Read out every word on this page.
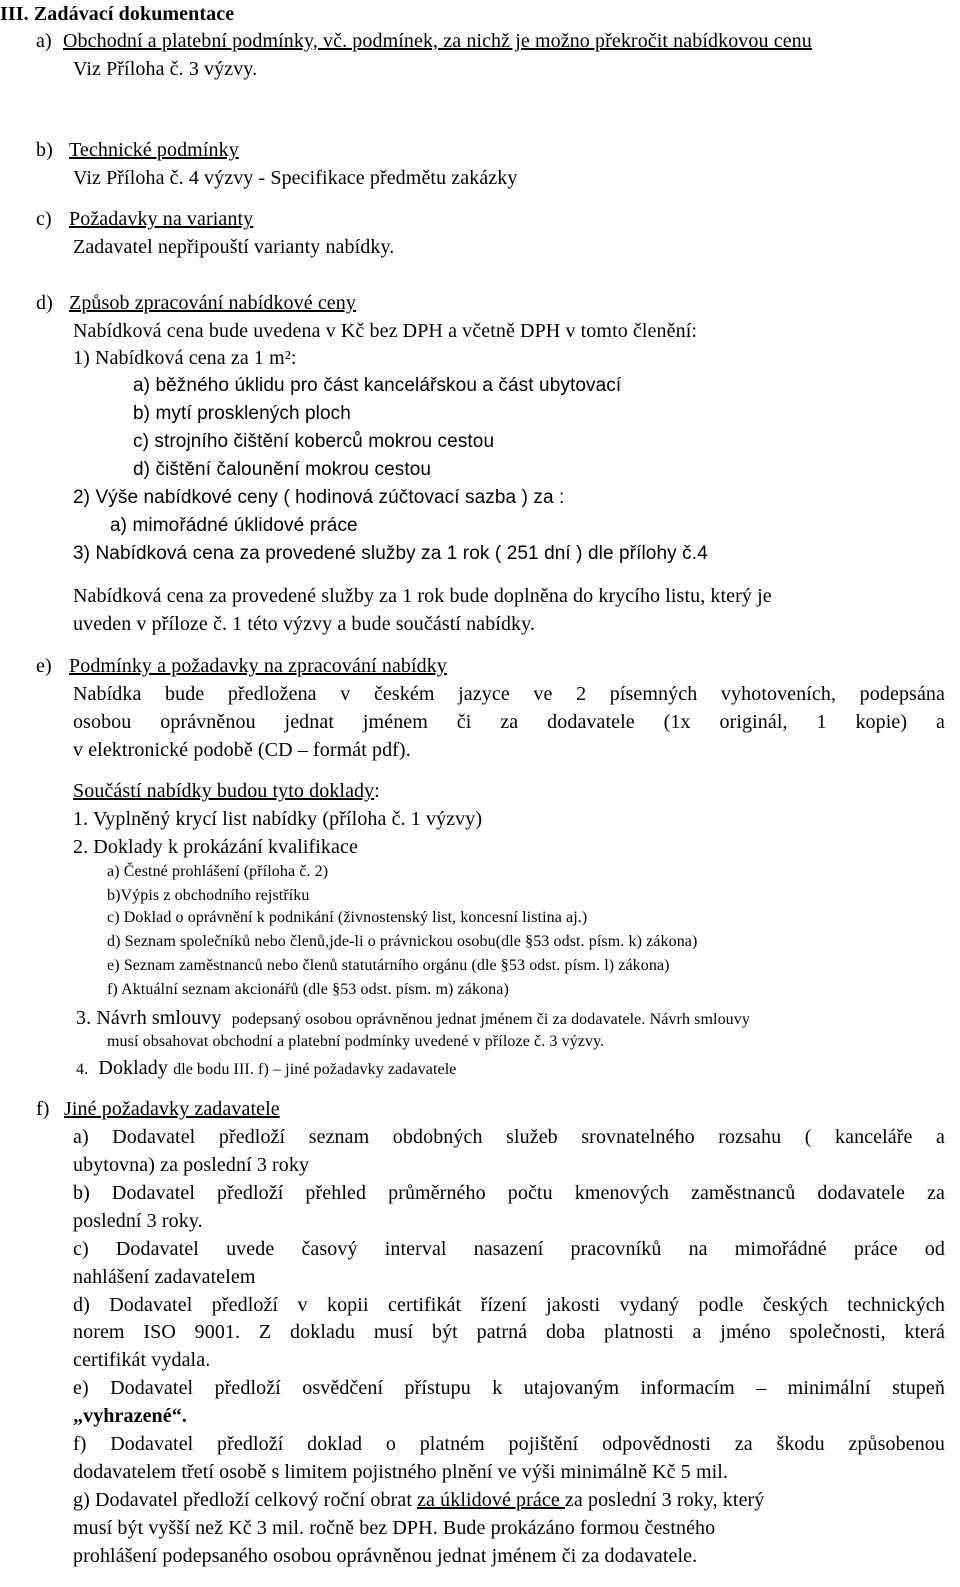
III. Zadávací dokumentace
a) Obchodní a platební podmínky, vč. podmínek, za nichž je možno překročit nabídkovou cenu
Viz Příloha č. 3 výzvy.
b) Technické podmínky
Viz Příloha č. 4 výzvy - Specifikace předmětu zakázky
c) Požadavky na varianty
Zadavatel nepřipouští varianty nabídky.
d) Způsob zpracování nabídkové ceny
Nabídková cena bude uvedena v Kč bez DPH a včetně DPH v tomto členění:
1) Nabídková cena za 1 m²:
a) běžného úklidu pro část kancelářskou a část ubytovací
b) mytí prosklených ploch
c) strojního čištění koberců mokrou cestou
d) čištění čalounění mokrou cestou
2) Výše nabídkové ceny ( hodinová zúčtovací sazba ) za :
a) mimořádné úklidové práce
3) Nabídková cena za provedené služby za 1 rok ( 251 dní ) dle přílohy č.4
Nabídková cena za provedené služby za 1 rok bude doplněna do krycího listu, který je
uveden v příloze č. 1 této výzvy a bude součástí nabídky.
e) Podmínky a požadavky na zpracování nabídky
Nabídka bude předložena v českém jazyce ve 2 písemných vyhotoveních, podepsána
osobou oprávněnou jednat jménem či za dodavatele (1x originál, 1 kopie) a
v elektronické podobě (CD – formát pdf).
Součástí nabídky budou tyto doklady:
1. Vyplněný krycí list nabídky (příloha č. 1 výzvy)
2. Doklady k prokázání kvalifikace
a) Čestné prohlášení (příloha č. 2)
b)Výpis z obchodního rejstříku
c) Doklad o oprávnění k podnikání (živnostenský list, koncesní listina aj.)
d) Seznam společníků nebo členů,jde-li o právnickou osobu(dle §53 odst. písm. k) zákona)
e) Seznam zaměstnanců nebo členů statutárního orgánu (dle §53 odst. písm. l) zákona)
f) Aktuální seznam akcionářů (dle §53 odst. písm. m) zákona)
3. Návrh smlouvy podepsaný osobou oprávněnou jednat jménem či za dodavatele. Návrh smlouvy
musí obsahovat obchodní a platební podmínky uvedené v příloze č. 3 výzvy.
4. Doklady dle bodu III. f) – jiné požadavky zadavatele
f) Jiné požadavky zadavatele
a) Dodavatel předloží seznam obdobných služeb srovnatelného rozsahu ( kanceláře a
ubytovna) za poslední 3 roky
b) Dodavatel předloží přehled průměrného počtu kmenových zaměstnanců dodavatele za
poslední 3 roky.
c) Dodavatel uvede časový interval nasazení pracovníků na mimořádné práce od
nahlášení zadavatelem
d) Dodavatel předloží v kopii certifikát řízení jakosti vydaný podle českých technických
norem ISO 9001. Z dokladu musí být patrná doba platnosti a jméno společnosti, která
certifikát vydala.
e) Dodavatel předloží osvědčení přístupu k utajovaným informacím – minimální stupeň
„vyhrazené“.
f) Dodavatel předloží doklad o platném pojištění odpovědnosti za škodu způsobenou
dodavatelem třetí osobě s limitem pojistného plnění ve výši minimálně Kč 5 mil.
g) Dodavatel předloží celkový roční obrat za úklidové práce za poslední 3 roky, který
musí být vyšší než Kč 3 mil. ročně bez DPH. Bude prokázáno formou čestného
prohlášení podepsaného osobou oprávněnou jednat jménem či za dodavatele.
